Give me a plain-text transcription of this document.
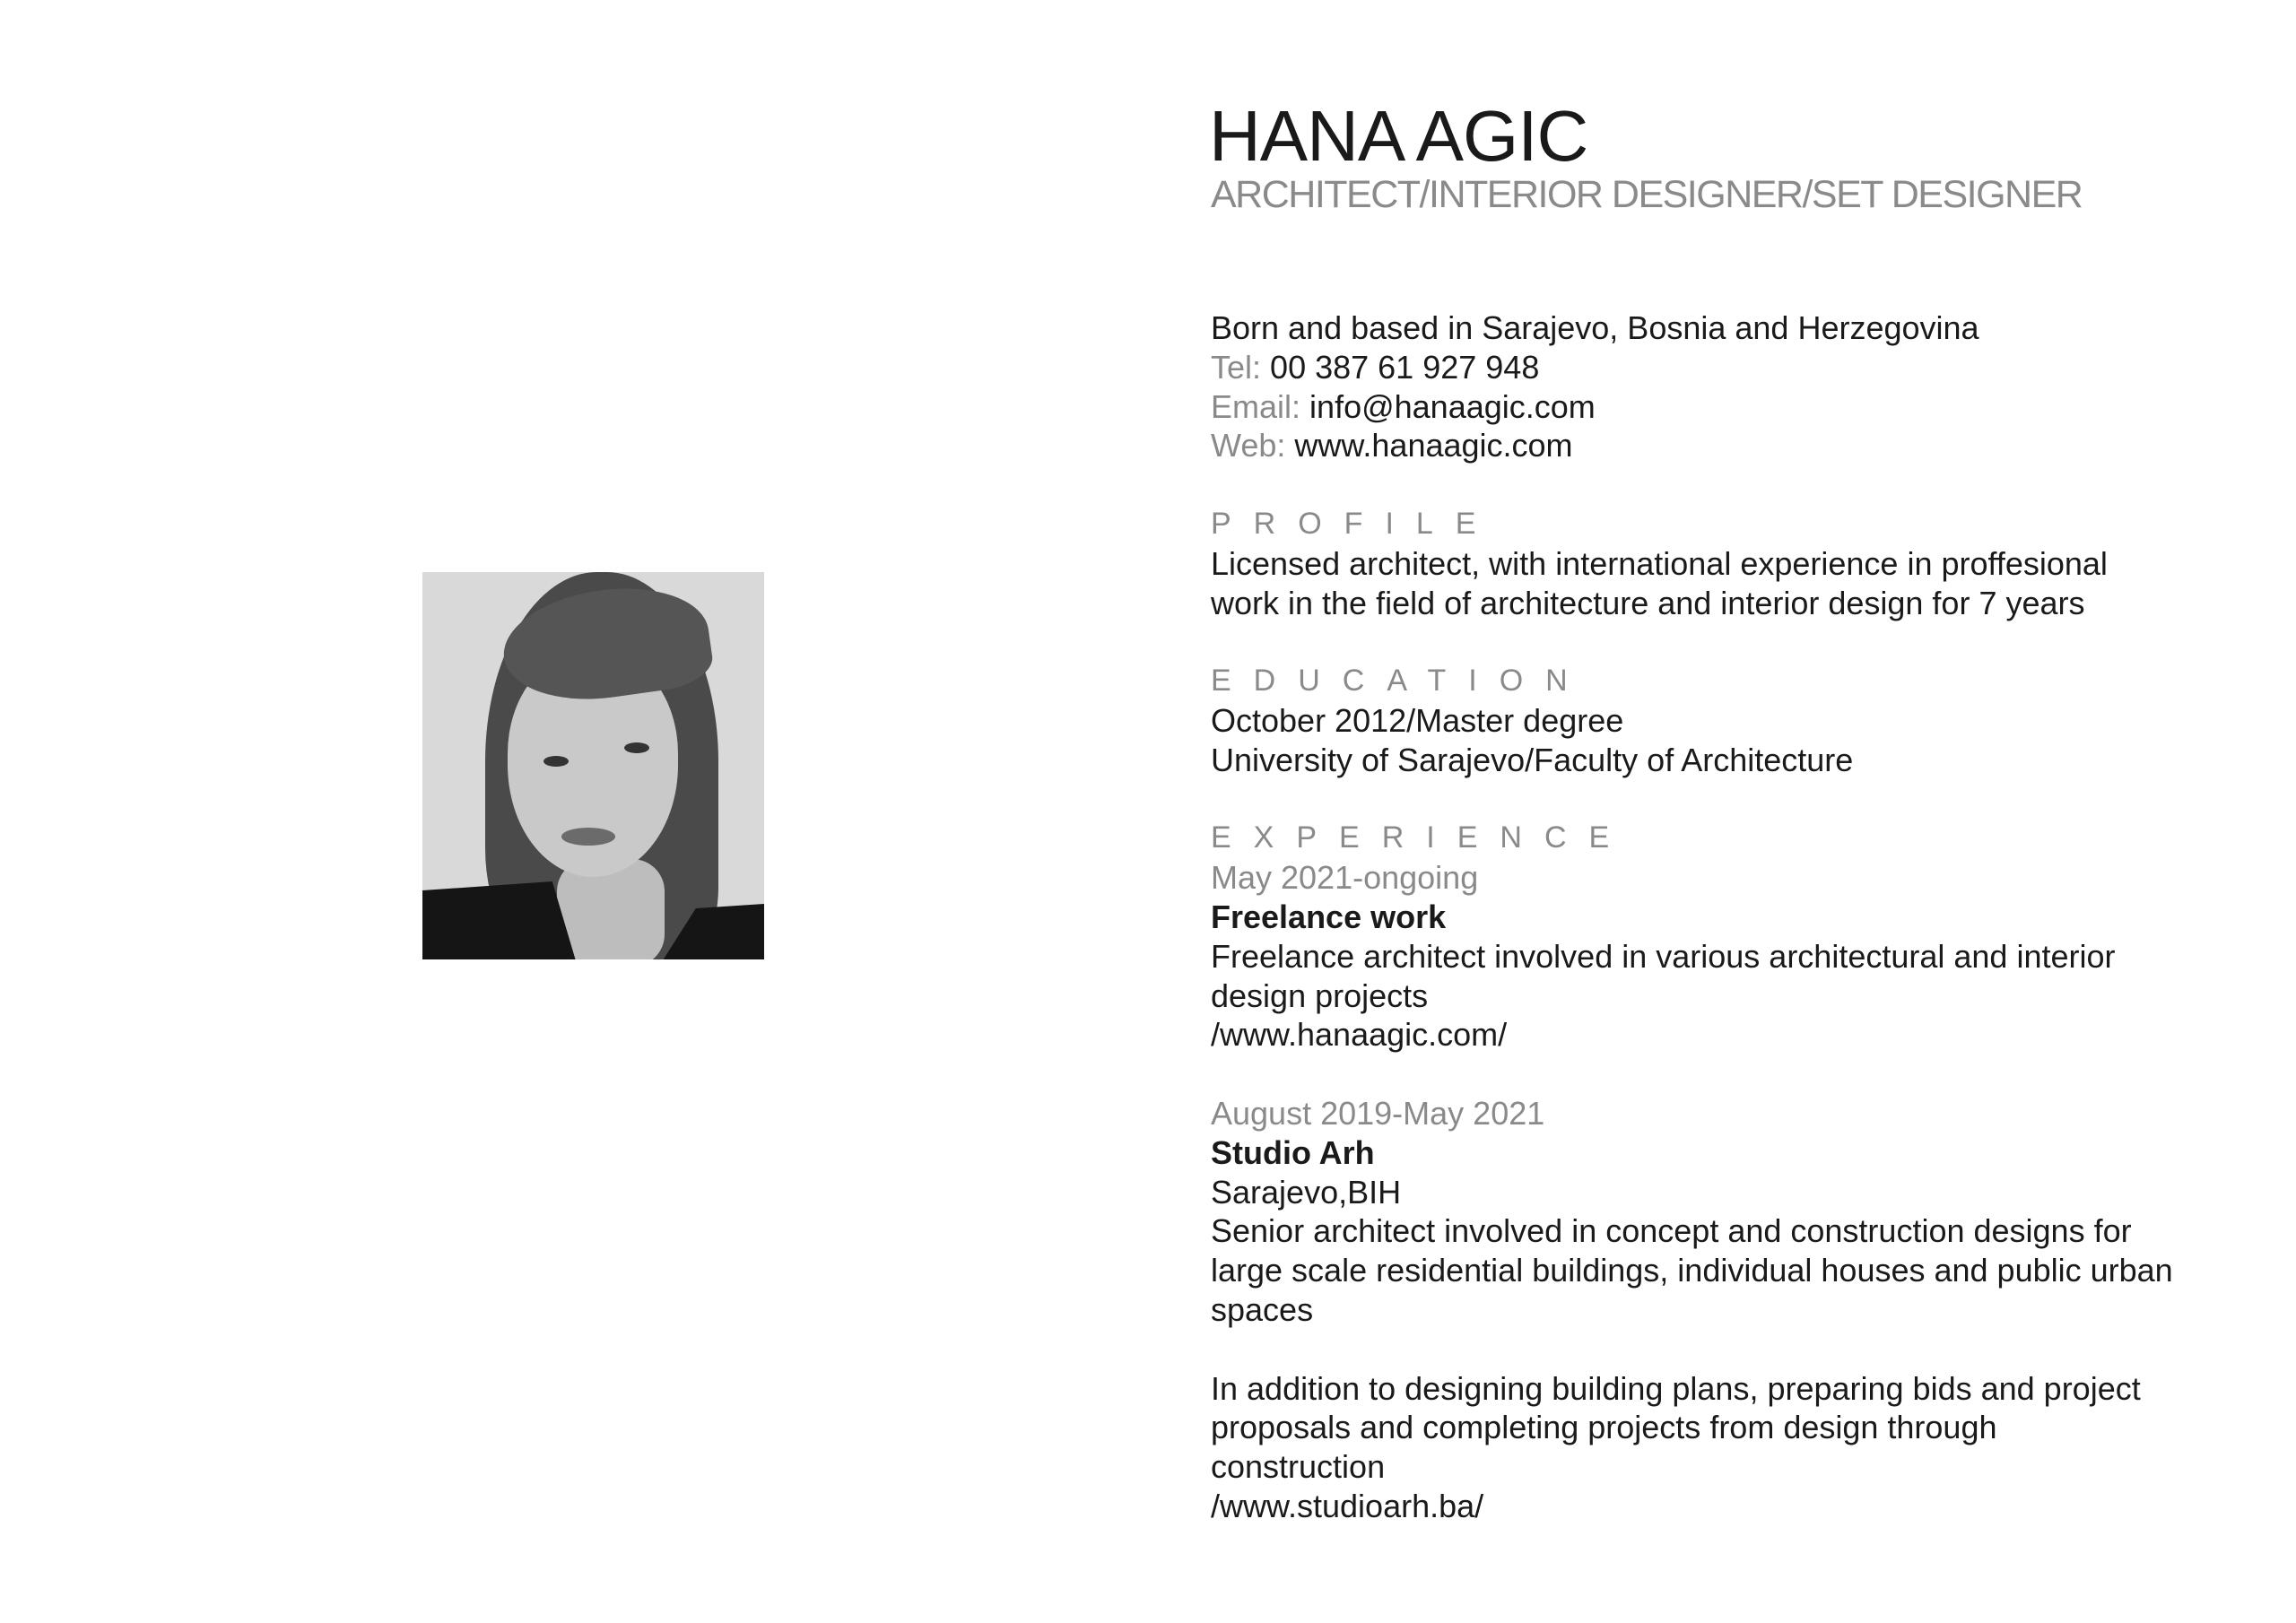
HANA AGIC
ARCHITECT/INTERIOR DESIGNER/SET DESIGNER
Born and based in Sarajevo, Bosnia and Herzegovina
Tel: 00 387 61 927 948
Email: info@hanaagic.com
Web: www.hanaagic.com
PROFILE
Licensed architect, with international experience in proffesional
work in the field of architecture and interior design for 7 years
EDUCATION
October 2012/Master degree
University of Sarajevo/Faculty of Architecture
EXPERIENCE
May 2021-ongoing
Freelance work
Freelance architect involved in various architectural and interior
design projects
/www.hanaagic.com/
August 2019-May 2021
Studio Arh
Sarajevo,BIH
Senior architect involved in concept and construction designs for
large scale residential buildings, individual houses and public urban
spaces
In addition to designing building plans, preparing bids and project
proposals and completing projects from design through
construction
/www.studioarh.ba/
